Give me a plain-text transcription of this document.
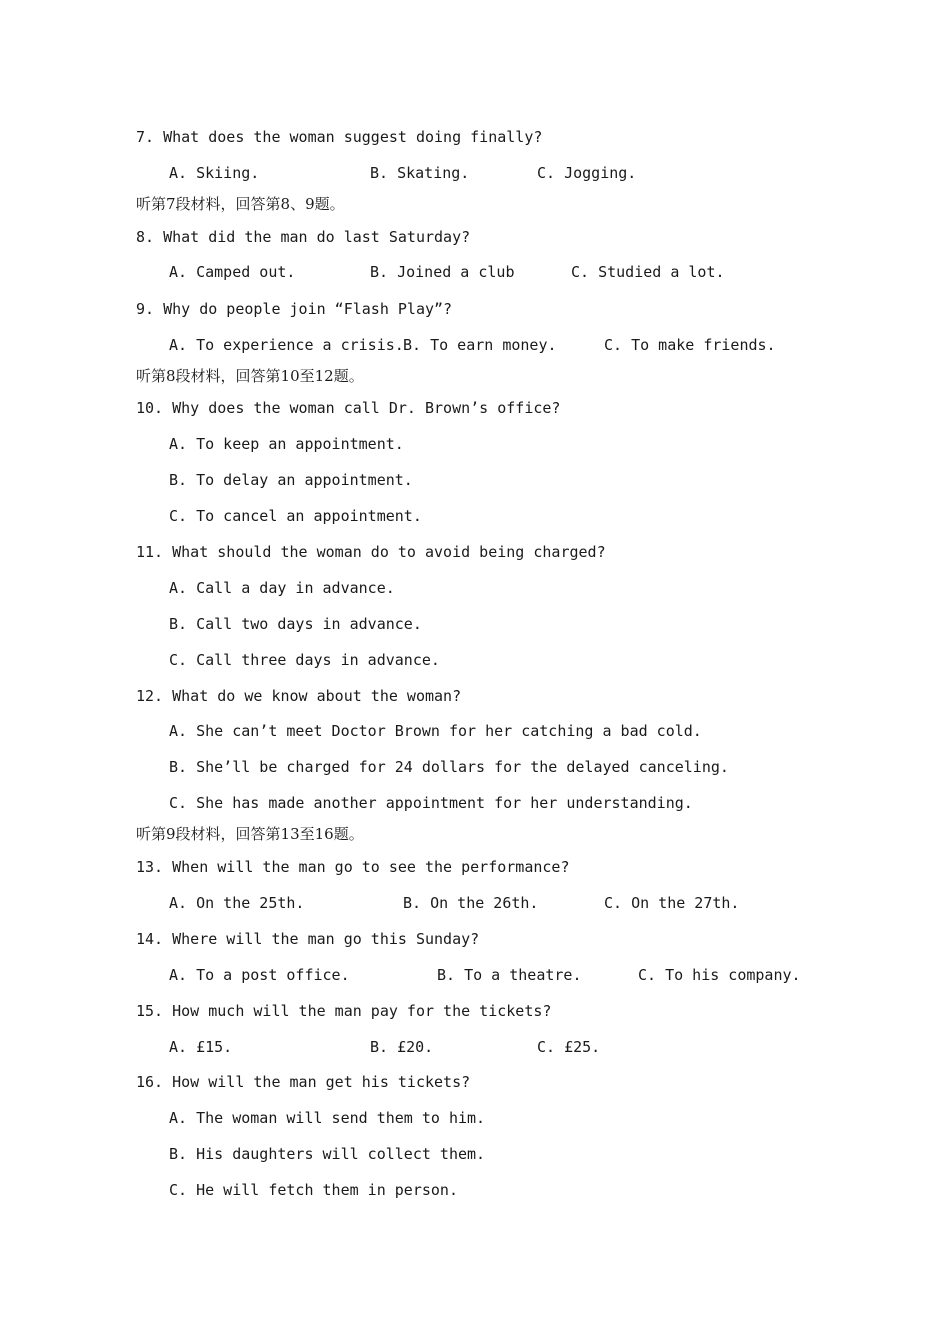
7. What does the woman suggest doing finally?
A. Skiing.	B. Skating.	C. Jogging.
听第7段材料，回答第8、9题。
8. What did the man do last Saturday?
A. Camped out.	B. Joined a club	C. Studied a lot.
9. Why do people join “Flash Play”?
A. To experience a crisis. B. To earn money.	C. To make friends.
听第8段材料，回答第10至12题。
10. Why does the woman call Dr. Brown’s office?
A. To keep an appointment.
B. To delay an appointment.
C. To cancel an appointment.
11. What should the woman do to avoid being charged?
A. Call a day in advance.
B. Call two days in advance.
C. Call three days in advance.
12. What do we know about the woman?
A. She can’t meet Doctor Brown for her catching a bad cold.
B. She’ll be charged for 24 dollars for the delayed canceling.
C. She has made another appointment for her understanding.
听第9段材料，回答第13至16题。
13. When will the man go to see the performance?
A. On the 25th.	B. On the 26th.	C. On the 27th.
14. Where will the man go this Sunday?
A. To a post office.	B. To a theatre.	C. To his company.
15. How much will the man pay for the tickets?
A. £15.	B. £20.	C. £25.
16. How will the man get his tickets?
A. The woman will send them to him.
B. His daughters will collect them.
C. He will fetch them in person.
